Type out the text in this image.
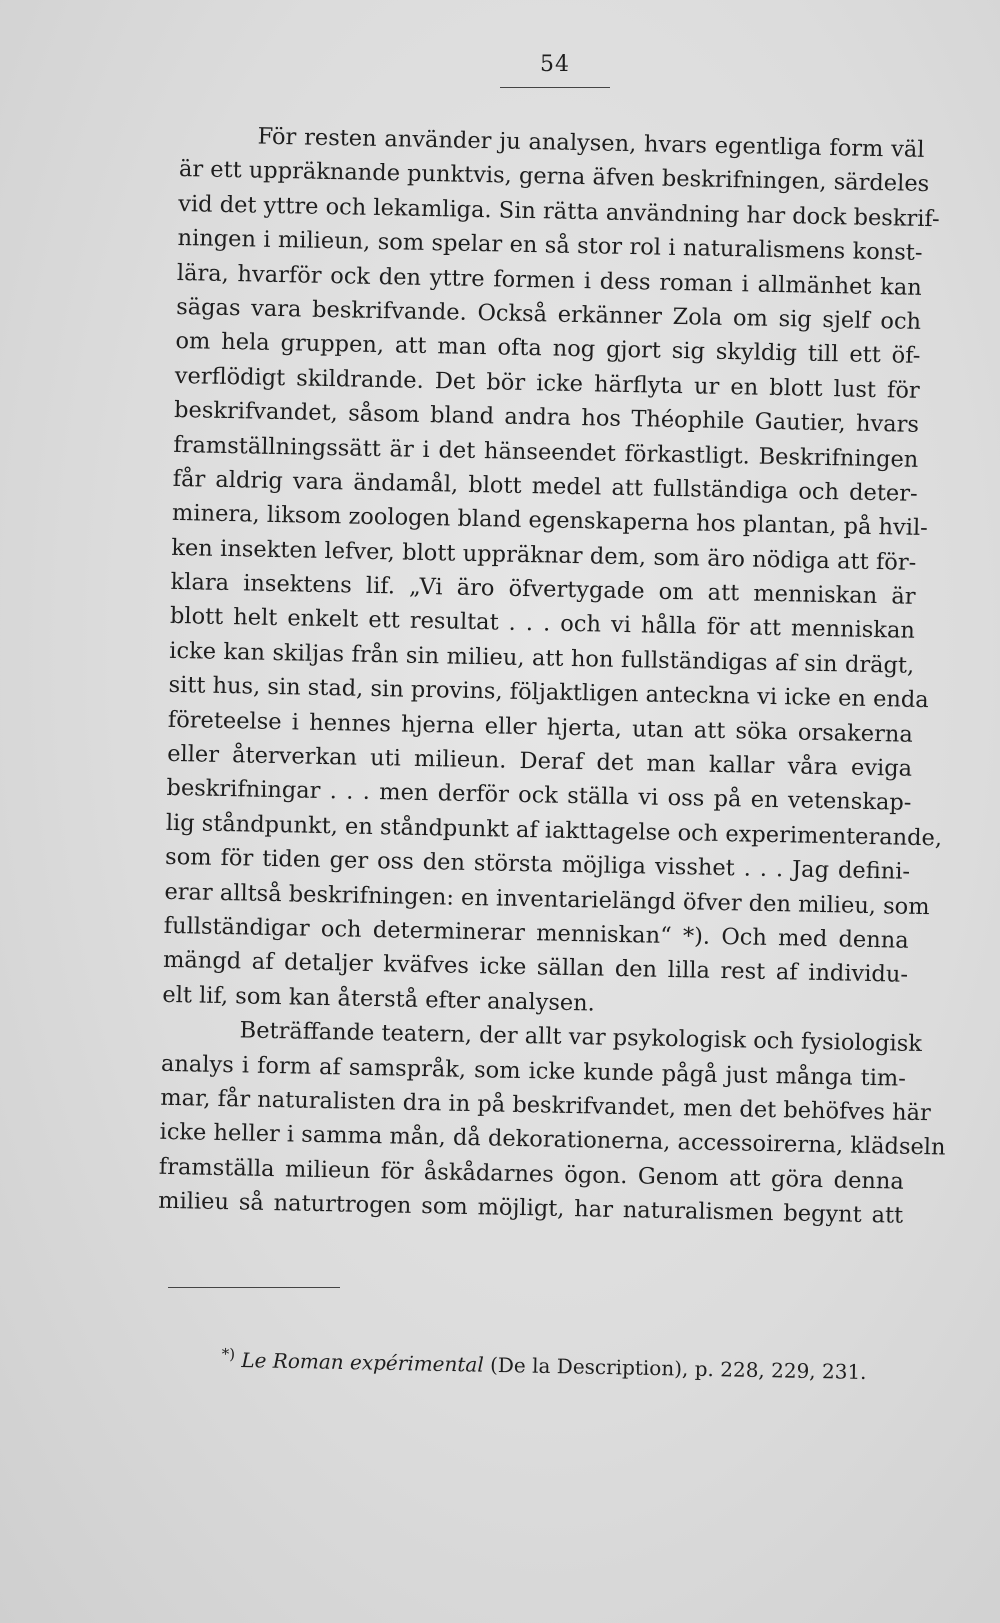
54
För resten använder ju analysen, hvars egentliga form väl
är ett uppräknande punktvis, gerna äfven beskrifningen, särdeles
vid det yttre och lekamliga. Sin rätta användning har dock beskrif-
ningen i milieun, som spelar en så stor rol i naturalismens konst-
lära, hvarför ock den yttre formen i dess roman i allmänhet kan
sägas vara beskrifvande. Också erkänner Zola om sig sjelf och
om hela gruppen, att man ofta nog gjort sig skyldig till ett öf-
verflödigt skildrande. Det bör icke härflyta ur en blott lust för
beskrifvandet, såsom bland andra hos Théophile Gautier, hvars
framställningssätt är i det hänseendet förkastligt. Beskrifningen
får aldrig vara ändamål, blott medel att fullständiga och deter-
minera, liksom zoologen bland egenskaperna hos plantan, på hvil-
ken insekten lefver, blott uppräknar dem, som äro nödiga att för-
klara insektens lif. „Vi äro öfvertygade om att menniskan är
blott helt enkelt ett resultat . . . och vi hålla för att menniskan
icke kan skiljas från sin milieu, att hon fullständigas af sin drägt,
sitt hus, sin stad, sin provins, följaktligen anteckna vi icke en enda
företeelse i hennes hjerna eller hjerta, utan att söka orsakerna
eller återverkan uti milieun. Deraf det man kallar våra eviga
beskrifningar . . . men derför ock ställa vi oss på en vetenskap-
lig ståndpunkt, en ståndpunkt af iakttagelse och experimenterande,
som för tiden ger oss den största möjliga visshet . . . Jag defini-
erar alltså beskrifningen: en inventarielängd öfver den milieu, som
fullständigar och determinerar menniskan“ *). Och med denna
mängd af detaljer kväfves icke sällan den lilla rest af individu-
elt lif, som kan återstå efter analysen.
Beträffande teatern, der allt var psykologisk och fysiologisk
analys i form af samspråk, som icke kunde pågå just många tim-
mar, får naturalisten dra in på beskrifvandet, men det behöfves här
icke heller i samma mån, då dekorationerna, accessoirerna, klädseln
framställa milieun för åskådarnes ögon. Genom att göra denna
milieu så naturtrogen som möjligt, har naturalismen begynt att
*) Le Roman expérimental (De la Description), p. 228, 229, 231.
